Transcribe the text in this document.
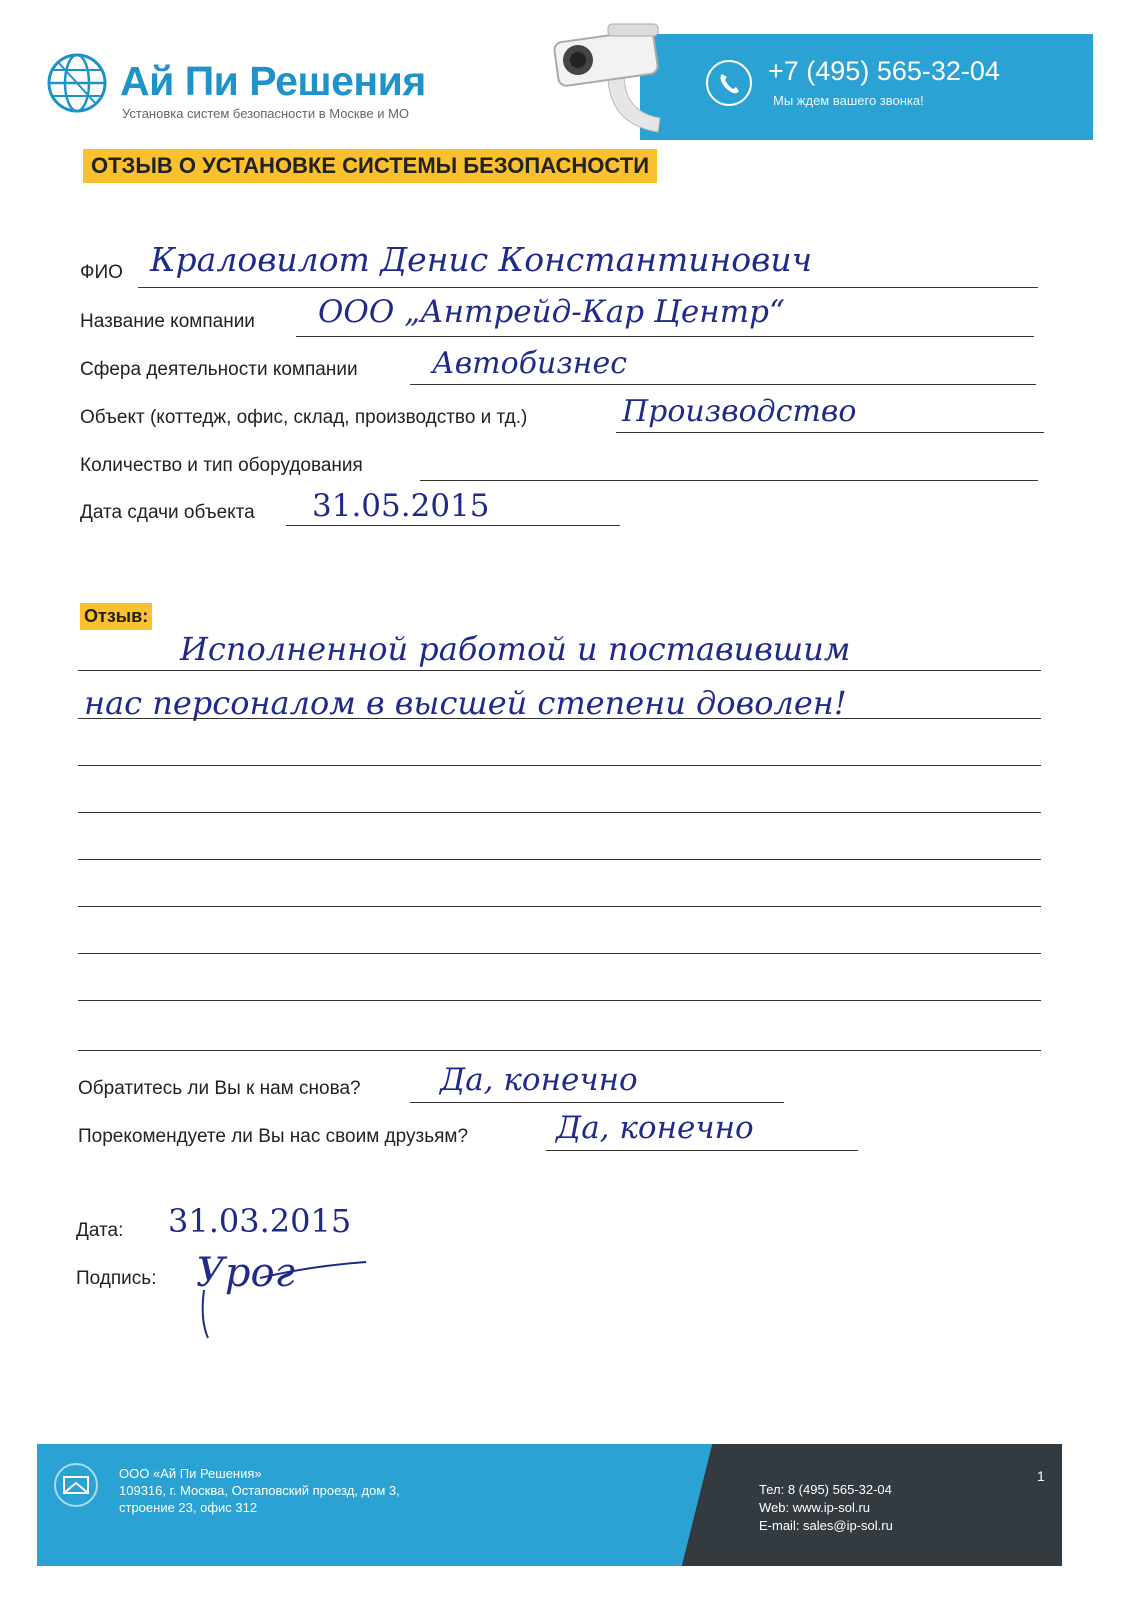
Ай Пи Решения
Установка систем безопасности в Москве и МО
+7 (495) 565-32-04
Мы ждем вашего звонка!
ОТЗЫВ О УСТАНОВКЕ СИСТЕМЫ БЕЗОПАСНОСТИ
ФИО Краловилот Денис Константинович
Название компании ООО „Антрейд-Кар Центр“
Сфера деятельности компании Автобизнес
Объект (коттедж, офис, склад, производство и тд.)	Производство
Количество и тип оборудования
Дата сдачи объекта 31.05.2015
Отзыв:
Исполненной работой и поставившим
нас персоналом в высшей степени доволен!
Обратитесь ли Вы к нам снова?	Да, конечно
Порекомендуете ли Вы нас своим друзьям?	Да, конечно
Дата: 31.03.2015
Подпись: Урог
ООО «Ай Пи Решения»
109316, г. Москва, Остаповский проезд, дом 3,
строение 23, офис 312
Тел: 8 (495) 565-32-04
Web: www.ip-sol.ru
E-mail: sales@ip-sol.ru
1
